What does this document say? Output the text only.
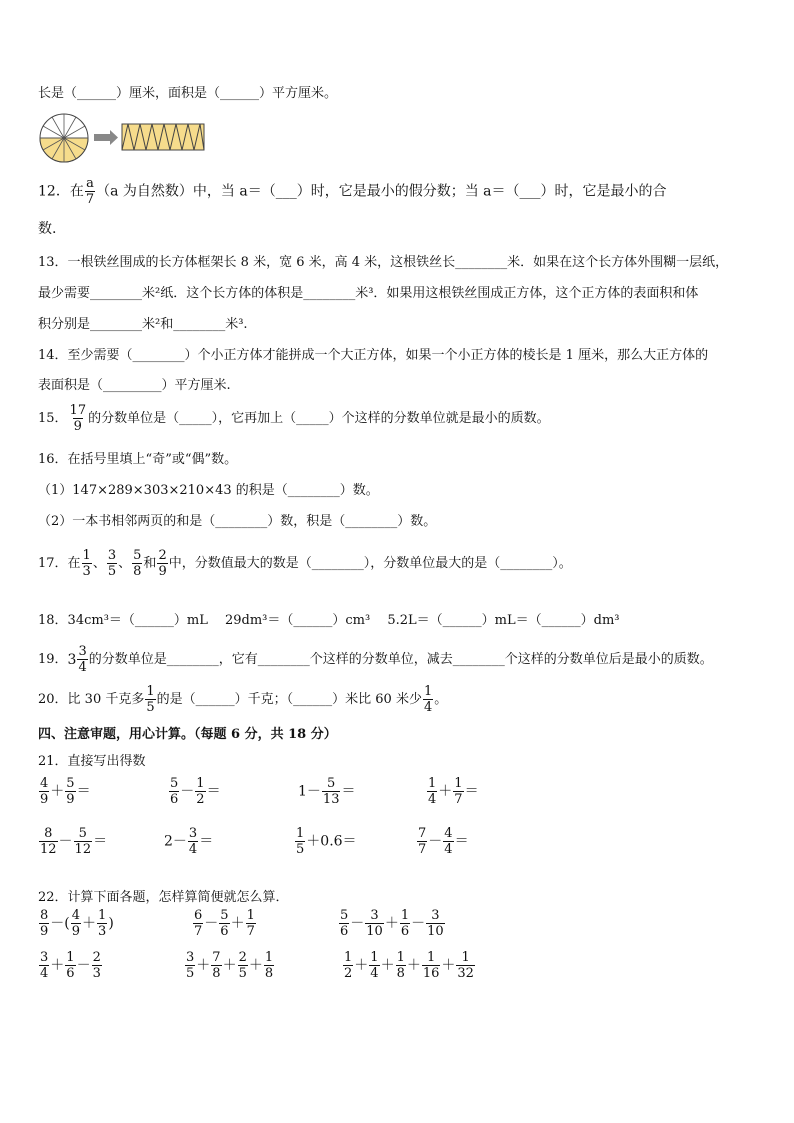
长是（______）厘米，面积是（______）平方厘米。
12．在 $\frac{a}{7} (a$ 为自然数）中，当 a＝（___）时，它是最小的假分数；当 a＝（___）时，它是最小的合
数.
13．一根铁丝围成的长方体框架长 8 米，宽 6 米，高 4 米，这根铁丝长________米．如果在这个长方体外围糊一层纸，
最少需要________米²纸．这个长方体的体积是________米³．如果用这根铁丝围成正方体，这个正方体的表面积和体
积分别是________米²和________米³.
14．至少需要（________）个小正方体才能拼成一个大正方体，如果一个小正方体的棱长是 1 厘米，那么大正方体的
表面积是（_________）平方厘米.
15． $\frac{17}{9}$ 的分数单位是（_____），它再加上（_____）个这样的分数单位就是最小的质数。
16．在括号里填上“奇”或“偶”数。
（1）147×289×303×210×43 的积是（________）数。
（2）一本书相邻两页的和是（________）数，积是（________）数。
17．在 $\frac{1}{3}$ 、 $\frac{3}{5}$ 、 $\frac{5}{8}$ 和 $\frac{2}{9}$ 中，分数值最大的数是（________），分数单位最大的是（________）。
18．34cm³＝（______）mL　 29dm³＝（______）cm³　 5.2L＝（______）mL＝（______）dm³
19． $3 \frac{3}{4}$ 的分数单位是________，它有________个这样的分数单位，减去________个这样的分数单位后是最小的质数。
20．比 30 千克多 $\frac{1}{5}$ 的是（______）千克；（______）米比 60 米少 $\frac{1}{4}$ 。
四、注意审题，用心计算。（每题 6 分，共 18 分）
21．直接写出得数
$\frac{4}{9} + \frac{5}{9}$ ＝	$\frac{5}{6} - \frac{1}{2}$ ＝	$1- \frac{5}{13}$ ＝	$\frac{1}{4} + \frac{1}{7}$ ＝
$\frac{8}{12} - \frac{5}{12}$ ＝	$2- \frac{3}{4}$ ＝	$\frac{1}{5} +0.6=$	$\frac{7}{7} - \frac{4}{4}$ ＝
22．计算下面各题，怎样算简便就怎么算．
$\frac{8}{9}$ －( $\frac{4}{9} + \frac{1}{3}$ )	$\frac{6}{7} - \frac{5}{6} + \frac{1}{7}$	$\frac{5}{6} - \frac{3}{10} + \frac{1}{6} - \frac{3}{10}$
$\frac{3}{4} + \frac{1}{6} - \frac{2}{3}$	$\frac{3}{5} + \frac{7}{8} + \frac{2}{5} + \frac{1}{8}$	$\frac{1}{2} + \frac{1}{4} + \frac{1}{8} + \frac{1}{16} + \frac{1}{32}$
